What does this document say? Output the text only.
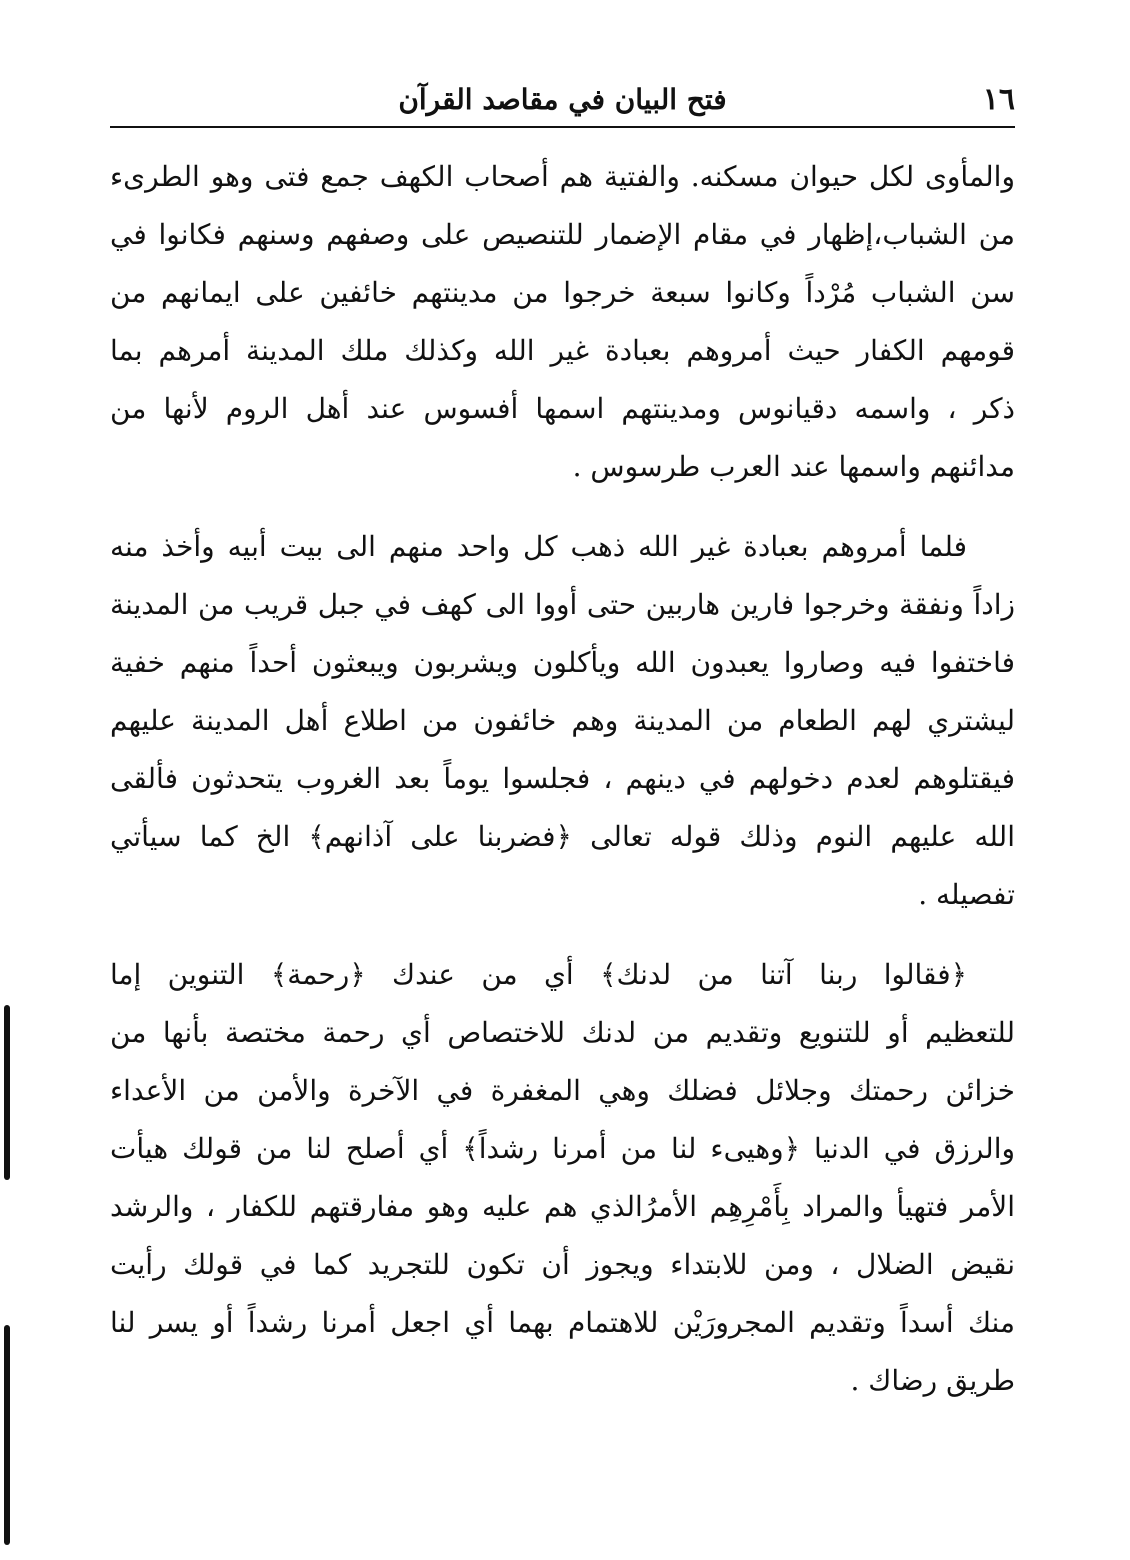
١٦
فتح البيان في مقاصد القرآن

والمأوى لكل حيوان مسكنه. والفتية هم أصحاب الكهف جمع فتى وهو الطرىء
من الشباب،إظهار في مقام الإضمار للتنصيص على وصفهم وسنهم فكانوا في
سن الشباب مُرْداً وكانوا سبعة خرجوا من مدينتهم خائفين على ايمانهم من
قومهم الكفار حيث أمروهم بعبادة غير الله وكذلك ملك المدينة أمرهم بما
ذكر ، واسمه دقيانوس ومدينتهم اسمها أفسوس عند أهل الروم لأنها من
مدائنهم واسمها عند العرب طرسوس .

فلما أمروهم بعبادة غير الله ذهب كل واحد منهم الى بيت أبيه وأخذ منه
زاداً ونفقة وخرجوا فارين هاربين حتى أووا الى كهف في جبل قريب من المدينة
فاختفوا فيه وصاروا يعبدون الله ويأكلون ويشربون ويبعثون أحداً منهم خفية
ليشتري لهم الطعام من المدينة وهم خائفون من اطلاع أهل المدينة عليهم
فيقتلوهم لعدم دخولهم في دينهم ، فجلسوا يوماً بعد الغروب يتحدثون فألقى
الله عليهم النوم وذلك قوله تعالى ﴿فضربنا على آذانهم﴾ الخ كما سيأتي
تفصيله .

﴿فقالوا ربنا آتنا من لدنك﴾ أي من عندك ﴿رحمة﴾ التنوين إما
للتعظيم أو للتنويع وتقديم من لدنك للاختصاص أي رحمة مختصة بأنها من
خزائن رحمتك وجلائل فضلك وهي المغفرة في الآخرة والأمن من الأعداء
والرزق في الدنيا ﴿وهيىء لنا من أمرنا رشداً﴾ أي أصلح لنا من قولك هيأت
الأمر فتهيأ والمراد بِأَمْرِهِم الأمرُالذي هم عليه وهو مفارقتهم للكفار ، والرشد
نقيض الضلال ، ومن للابتداء ويجوز أن تكون للتجريد كما في قولك رأيت
منك أسداً وتقديم المجرورَيْن للاهتمام بهما أي اجعل أمرنا رشداً أو يسر لنا
طريق رضاك .
